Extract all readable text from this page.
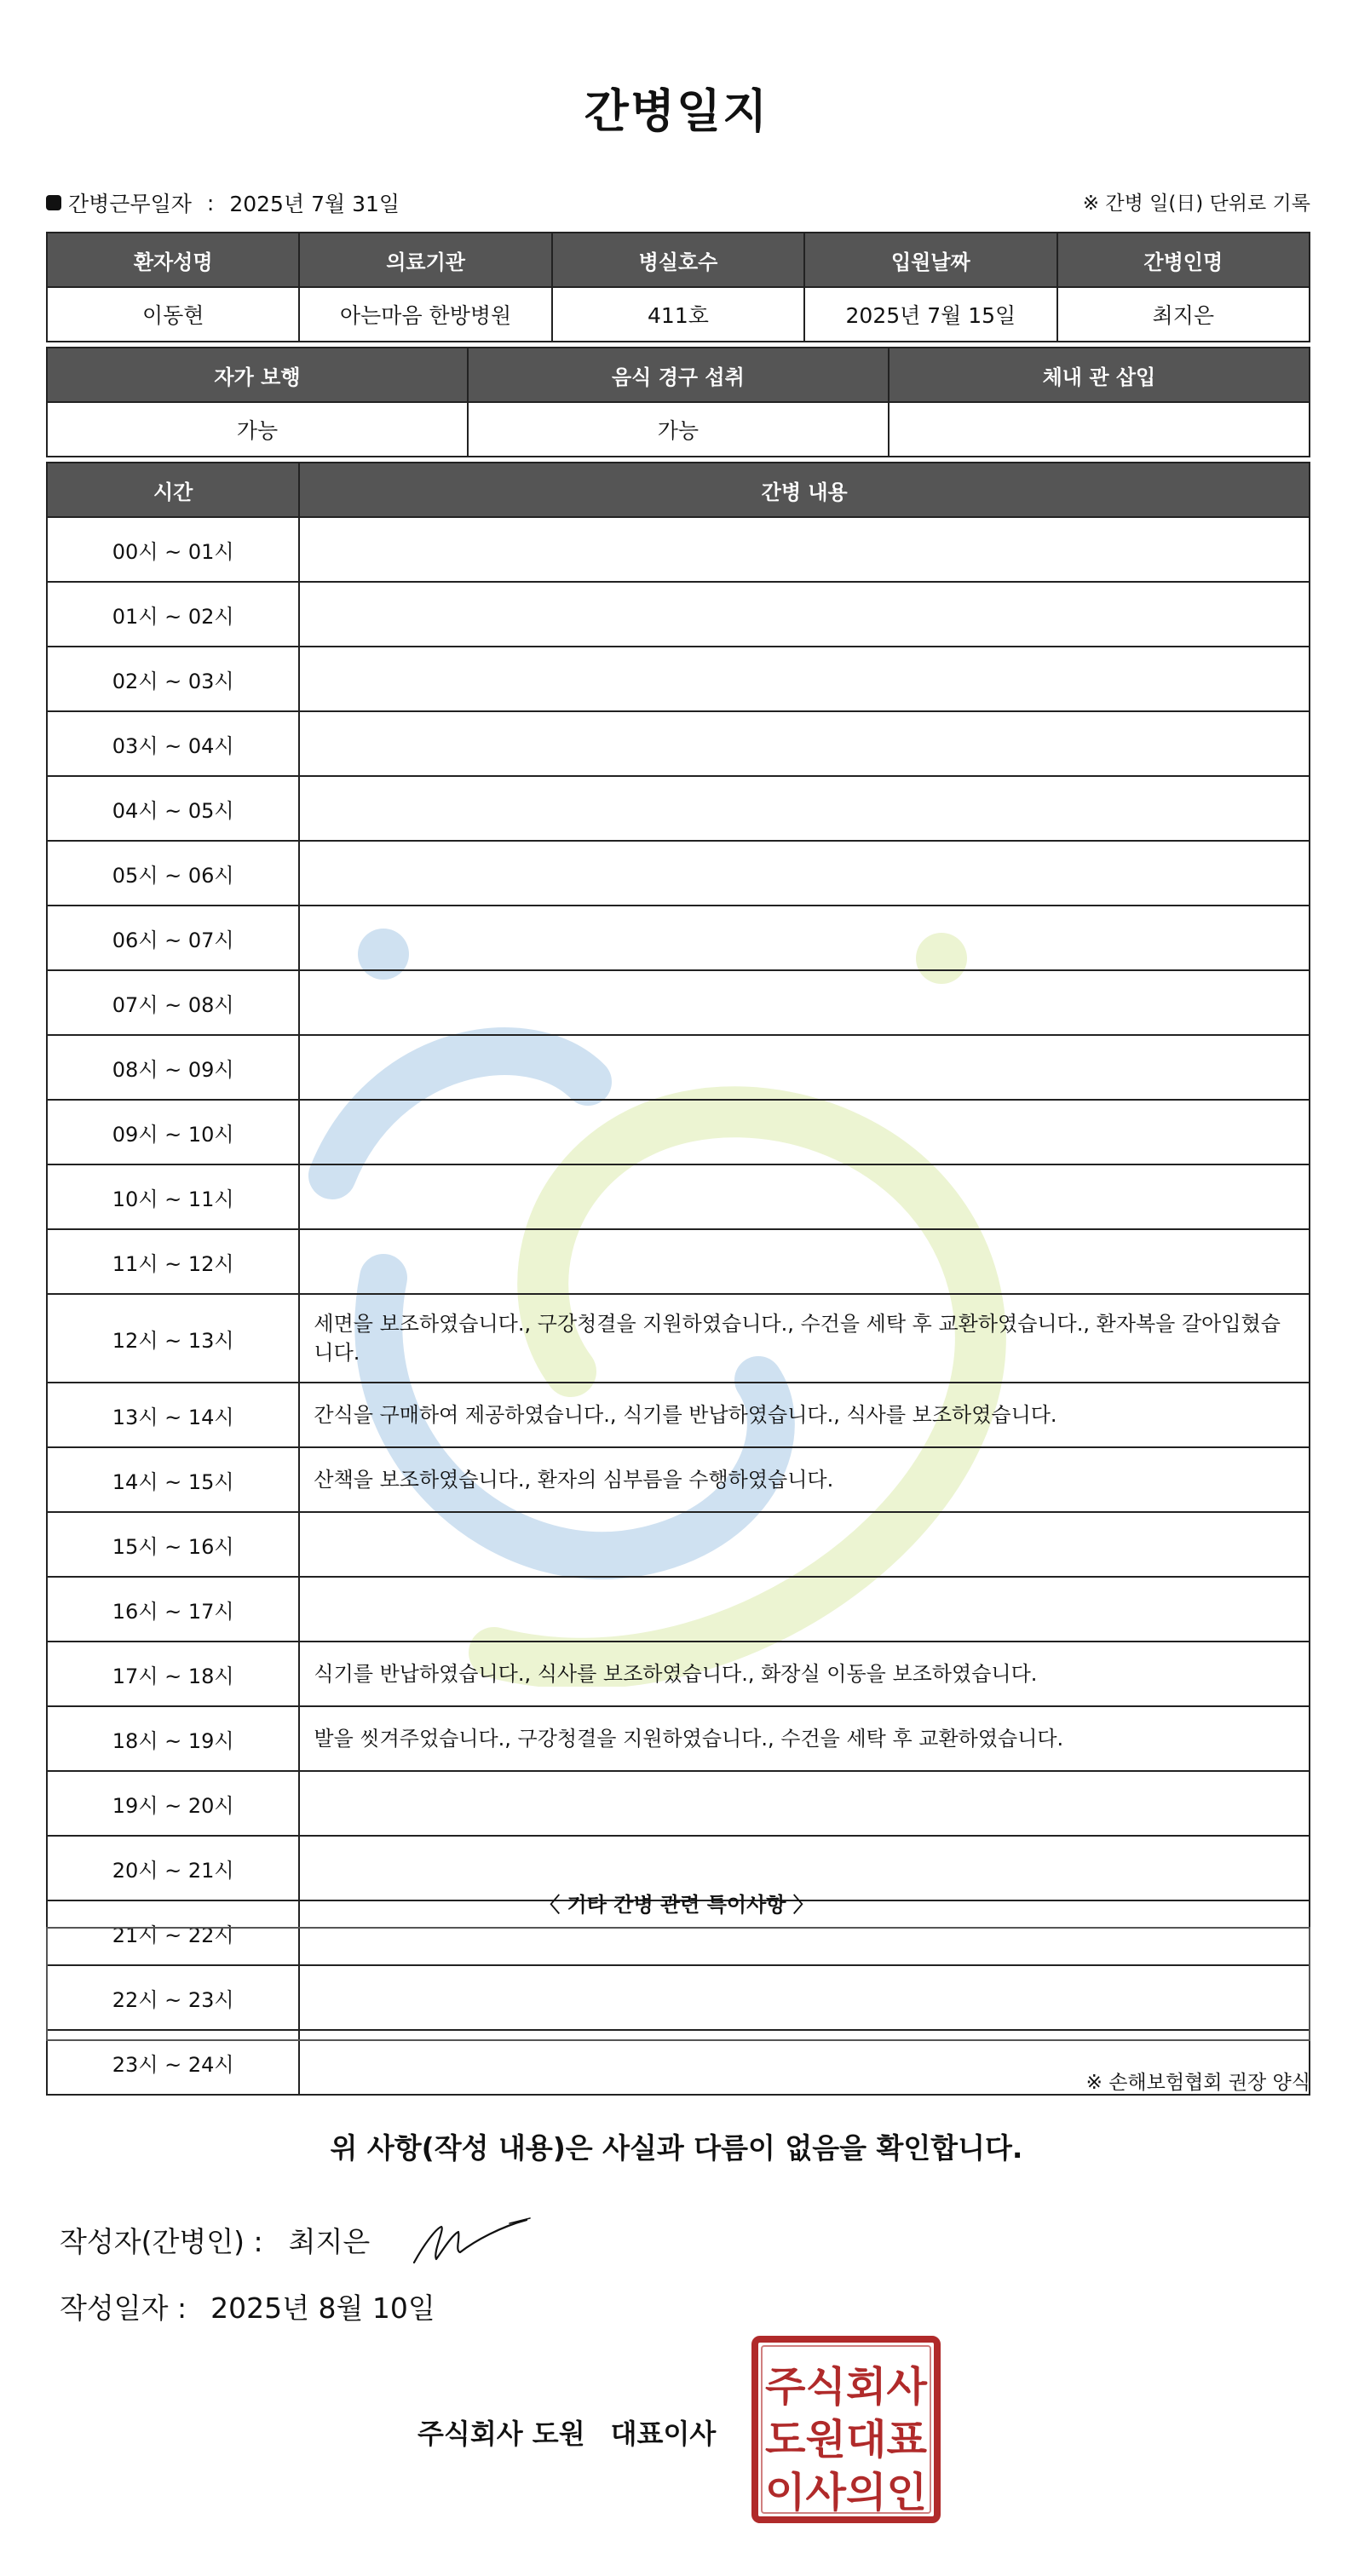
간병일지
간병근무일자 : 2025년 7월 31일	※ 간병 일(日) 단위로 기록
환자성명	의료기관	병실호수	입원날짜	간병인명
이동현	아는마음 한방병원	411호	2025년 7월 15일	최지은
자가 보행	음식 경구 섭취	체내 관 삽입
가능	가능	
시간	간병 내용
00시 ~ 01시	
01시 ~ 02시	
02시 ~ 03시	
03시 ~ 04시	
04시 ~ 05시	
05시 ~ 06시	
06시 ~ 07시	
07시 ~ 08시	
08시 ~ 09시	
09시 ~ 10시	
10시 ~ 11시	
11시 ~ 12시	
12시 ~ 13시	세면을 보조하였습니다., 구강청결을 지원하였습니다., 수건을 세탁 후 교환하였습니다., 환자복을 갈아입혔습니다.
13시 ~ 14시	간식을 구매하여 제공하였습니다., 식기를 반납하였습니다., 식사를 보조하였습니다.
14시 ~ 15시	산책을 보조하였습니다., 환자의 심부름을 수행하였습니다.
15시 ~ 16시	
16시 ~ 17시	
17시 ~ 18시	식기를 반납하였습니다., 식사를 보조하였습니다., 화장실 이동을 보조하였습니다.
18시 ~ 19시	발을 씻겨주었습니다., 구강청결을 지원하였습니다., 수건을 세탁 후 교환하였습니다.
19시 ~ 20시	
20시 ~ 21시	
21시 ~ 22시	
22시 ~ 23시	
23시 ~ 24시	
〈 기타 간병 관련 특이사항 〉
※ 손해보험협회 권장 양식
위 사항(작성 내용)은 사실과 다름이 없음을 확인합니다.
작성자(간병인) : 최지은
작성일자 : 2025년 8월 10일
주식회사 도원 대표이사
주식회사
도원대표
이사의인
